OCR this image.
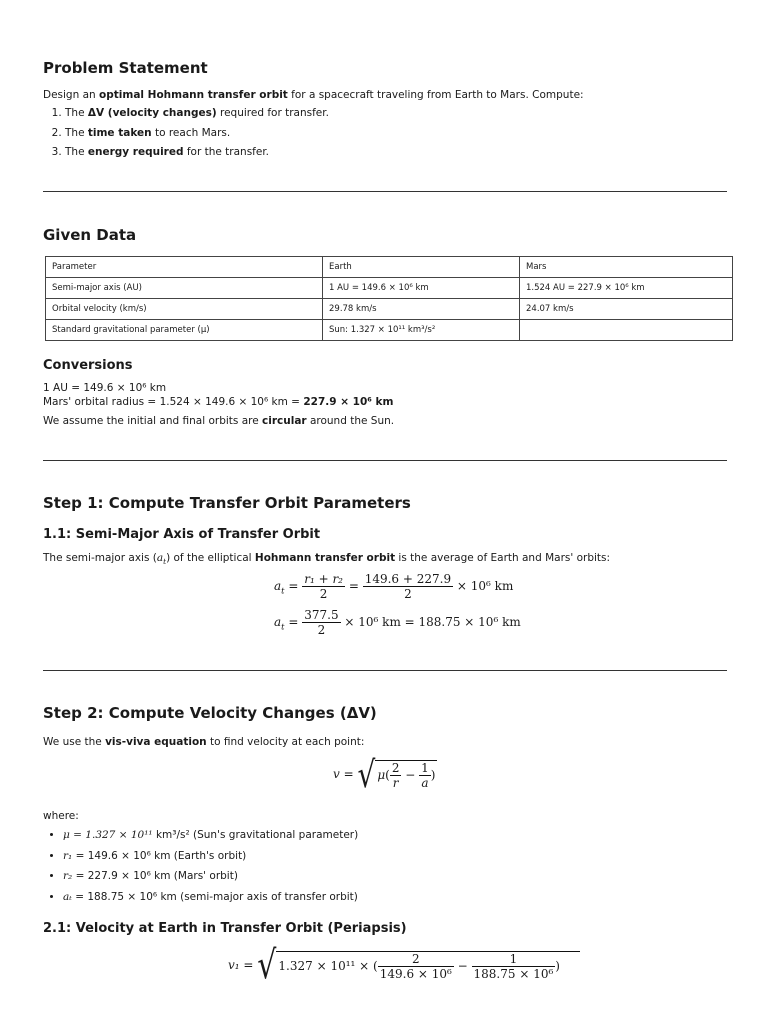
Problem Statement
Design an optimal Hohmann transfer orbit for a spacecraft traveling from Earth to Mars. Compute:
1. The ΔV (velocity changes) required for transfer.
2. The time taken to reach Mars.
3. The energy required for the transfer.
Given Data
Parameter	Earth	Mars
Semi-major axis (AU)	1 AU = 149.6 × 10⁶ km	1.524 AU = 227.9 × 10⁶ km
Orbital velocity (km/s)	29.78 km/s	24.07 km/s
Standard gravitational parameter (μ)	Sun: 1.327 × 10¹¹ km³/s²	
Conversions
1 AU = 149.6 × 10⁶ km
Mars' orbital radius = 1.524 × 149.6 × 10⁶ km = 227.9 × 10⁶ km
We assume the initial and final orbits are circular around the Sun.
Step 1: Compute Transfer Orbit Parameters
1.1: Semi-Major Axis of Transfer Orbit
The semi-major axis $(a_t)$ of the elliptical Hohmann transfer orbit is the average of Earth and Mars' orbits:
$a_t = \frac{\text{r₁ + r₂}}{2} = \frac{149.6 + 227.9}{2} \times 10^6$ km
$a_t = \frac{377.5}{2} \times 10^6$ km = 188.75 × 10⁶ km
Step 2: Compute Velocity Changes (ΔV)
We use the vis-viva equation to find velocity at each point:
v = √ $\mu( \frac{2}{r} - \frac{1}{a}$ )
where:
• μ = 1.327 × 10¹¹ km³/s² (Sun's gravitational parameter)
• r₁ = 149.6 × 10⁶ km (Earth's orbit)
• r₂ = 227.9 × 10⁶ km (Mars' orbit)
• aₜ = 188.75 × 10⁶ km (semi-major axis of transfer orbit)
2.1: Velocity at Earth in Transfer Orbit (Periapsis)
v₁ = √ 1.327 × 10¹¹ × ( $\frac{2}{\text{149.6 × 10⁶}} - \frac{1}{\text{188.75 × 10⁶}}$ )
